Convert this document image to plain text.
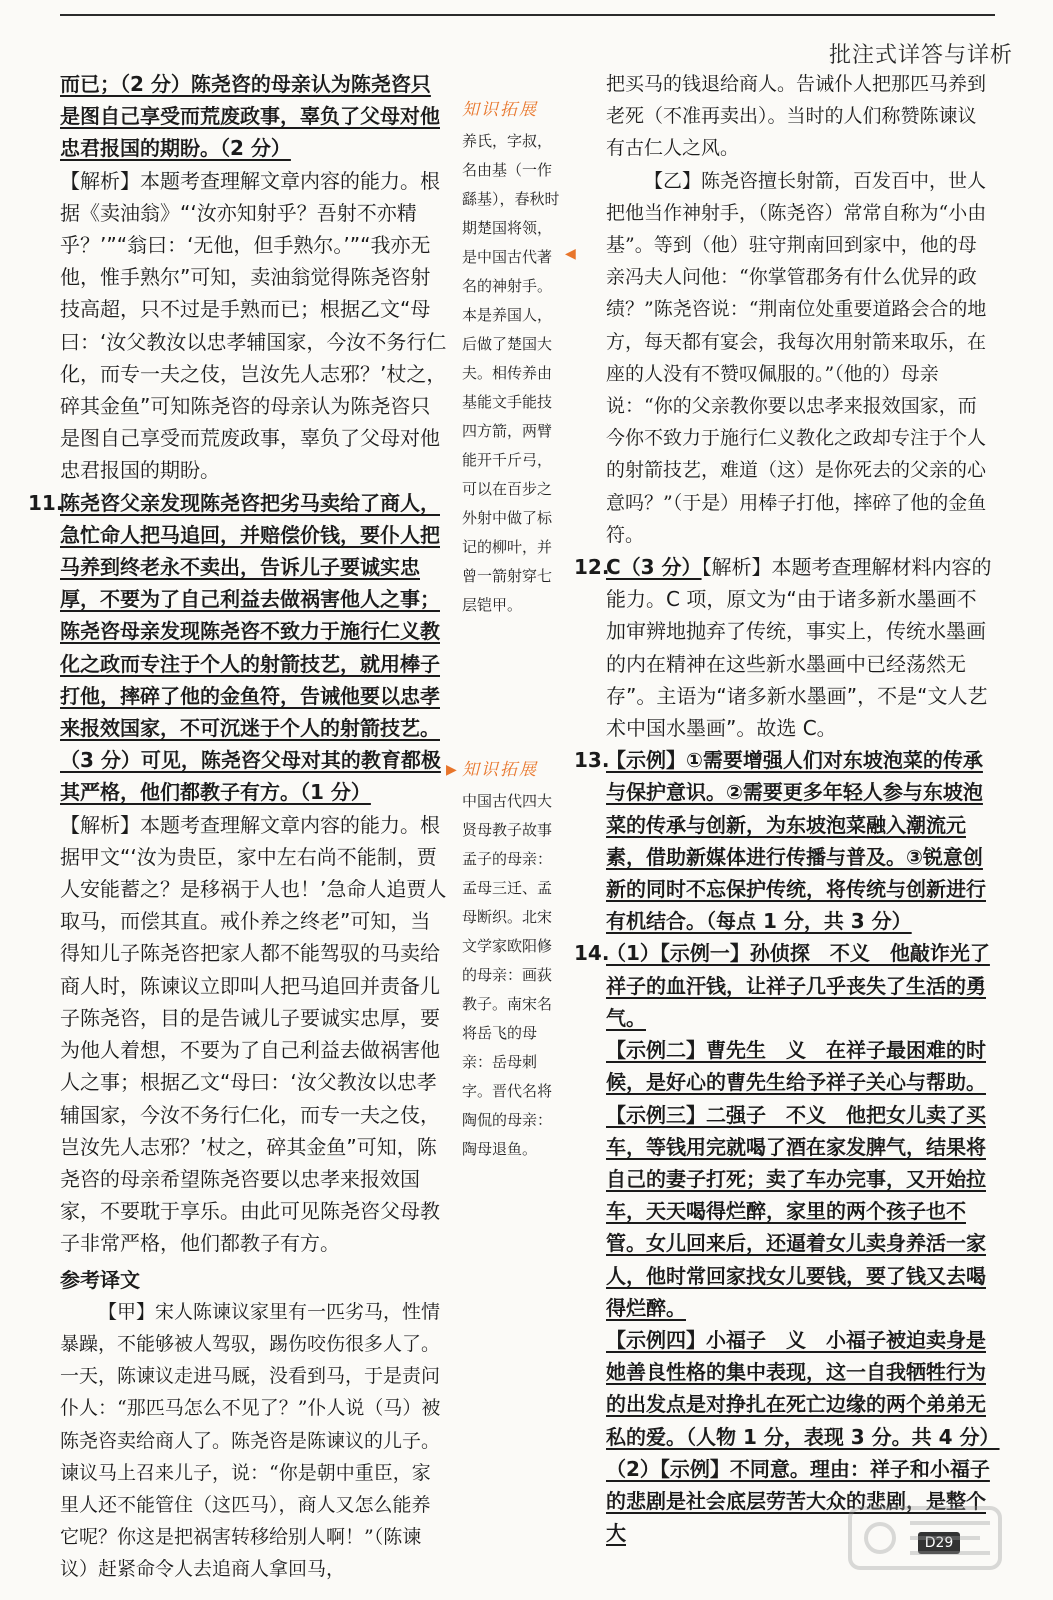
批注式详答与详析

而已；（2 分）陈尧咨的母亲认为陈尧咨只是图自己享受而荒废政事，辜负了父母对他忠君报国的期盼。（2 分）

【解析】本题考查理解文章内容的能力。根据《卖油翁》“‘汝亦知射乎？吾射不亦精乎？’”“翁曰：‘无他，但手熟尔。’”“我亦无他，惟手熟尔”可知，卖油翁觉得陈尧咨射技高超，只不过是手熟而已；根据乙文“母曰：‘汝父教汝以忠孝辅国家，今汝不务行仁化，而专一夫之伎，岂汝先人志邪？’杖之，碎其金鱼”可知陈尧咨的母亲认为陈尧咨只是图自己享受而荒废政事，辜负了父母对他忠君报国的期盼。

11.

陈尧咨父亲发现陈尧咨把劣马卖给了商人，急忙命人把马追回，并赔偿价钱，要仆人把马养到终老永不卖出，告诉儿子要诚实忠厚，不要为了自己利益去做祸害他人之事；陈尧咨母亲发现陈尧咨不致力于施行仁义教化之政而专注于个人的射箭技艺，就用棒子打他，摔碎了他的金鱼符，告诫他要以忠孝来报效国家，不可沉迷于个人的射箭技艺。（3 分）可见，陈尧咨父母对其的教育都极其严格，他们都教子有方。（1 分）

【解析】本题考查理解文章内容的能力。根据甲文“‘汝为贵臣，家中左右尚不能制，贾人安能蓄之？是移祸于人也！’急命人追贾人取马，而偿其直。戒仆养之终老”可知，当得知儿子陈尧咨把家人都不能驾驭的马卖给商人时，陈谏议立即叫人把马追回并责备儿子陈尧咨，目的是告诫儿子要诚实忠厚，要为他人着想，不要为了自己利益去做祸害他人之事；根据乙文“母曰：‘汝父教汝以忠孝辅国家，今汝不务行仁化，而专一夫之伎，岂汝先人志邪？’杖之，碎其金鱼”可知，陈尧咨的母亲希望陈尧咨要以忠孝来报效国家，不要耽于享乐。由此可见陈尧咨父母教子非常严格，他们都教子有方。

参考译文

【甲】宋人陈谏议家里有一匹劣马，性情暴躁，不能够被人驾驭，踢伤咬伤很多人了。一天，陈谏议走进马厩，没看到马，于是责问仆人：“那匹马怎么不见了？”仆人说（马）被陈尧咨卖给商人了。陈尧咨是陈谏议的儿子。谏议马上召来儿子，说：“你是朝中重臣，家里人还不能管住（这匹马），商人又怎么能养它呢？你这是把祸害转移给别人啊！”（陈谏议）赶紧命令人去追商人拿回马，

知识拓展
养氏，字叔，名由基（一作繇基），春秋时期楚国将领，是中国古代著名的神射手。本是养国人，后做了楚国大夫。相传养由基能文手能技四方箭，两臂能开千斤弓，可以在百步之外射中做了标记的柳叶，并曾一箭射穿七层铠甲。
◀
知识拓展
中国古代四大贤母教子故事孟子的母亲：孟母三迁、孟母断织。北宋文学家欧阳修的母亲：画荻教子。南宋名将岳飞的母亲：岳母刺字。晋代名将陶侃的母亲：陶母退鱼。
▶

把买马的钱退给商人。告诫仆人把那匹马养到老死（不准再卖出）。当时的人们称赞陈谏议有古仁人之风。

【乙】陈尧咨擅长射箭，百发百中，世人把他当作神射手，（陈尧咨）常常自称为“小由基”。等到（他）驻守荆南回到家中，他的母亲冯夫人问他：“你掌管郡务有什么优异的政绩？”陈尧咨说：“荆南位处重要道路会合的地方，每天都有宴会，我每次用射箭来取乐，在座的人没有不赞叹佩服的。”（他的）母亲说：“你的父亲教你要以忠孝来报效国家，而今你不致力于施行仁义教化之政却专注于个人的射箭技艺，难道（这）是你死去的父亲的心意吗？”（于是）用棒子打他，摔碎了他的金鱼符。

12.

C（3 分）【解析】本题考查理解材料内容的能力。C 项，原文为“由于诸多新水墨画不加审辨地抛弃了传统，事实上，传统水墨画的内在精神在这些新水墨画中已经荡然无存”。主语为“诸多新水墨画”，不是“文人艺术中国水墨画”。故选 C。

13.

【示例】①需要增强人们对东坡泡菜的传承与保护意识。②需要更多年轻人参与东坡泡菜的传承与创新，为东坡泡菜融入潮流元素，借助新媒体进行传播与普及。③锐意创新的同时不忘保护传统，将传统与创新进行有机结合。（每点 1 分，共 3 分）

14.

（1）【示例一】孙侦探　不义　他敲诈光了祥子的血汗钱，让祥子几乎丧失了生活的勇气。

【示例二】曹先生　义　在祥子最困难的时候，是好心的曹先生给予祥子关心与帮助。

【示例三】二强子　不义　他把女儿卖了买车，等钱用完就喝了酒在家发脾气，结果将自己的妻子打死；卖了车办完事，又开始拉车，天天喝得烂醉，家里的两个孩子也不管。女儿回来后，还逼着女儿卖身养活一家人，他时常回家找女儿要钱，要了钱又去喝得烂醉。

【示例四】小福子　义　小福子被迫卖身是她善良性格的集中表现，这一自我牺牲行为的出发点是对挣扎在死亡边缘的两个弟弟无私的爱。（人物 1 分，表现 3 分。共 4 分）

（2）【示例】不同意。理由：祥子和小福子的悲剧是社会底层劳苦大众的悲剧，是整个大	D29
